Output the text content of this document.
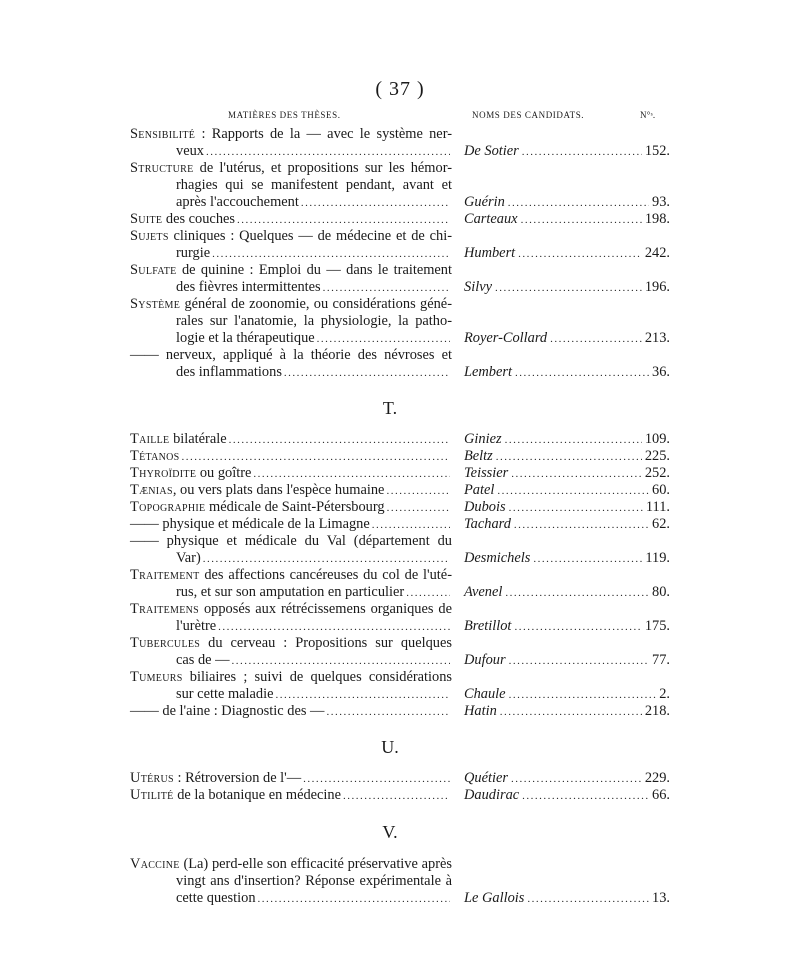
( 37 )
MATIÈRES DES THÈSES.	NOMS DES CANDIDATS.	N°ˢ.
Sensibilité : Rapports de la — avec le système ner-
veux .....	De Sotier .....	152.
Structure de l'utérus, et propositions sur les hémor-
rhagies qui se manifestent pendant, avant et
après l'accouchement .....	Guérin .....	93.
Suite des couches .....	Carteaux .....	198.
Sujets cliniques : Quelques — de médecine et de chi-
rurgie .....	Humbert .....	242.
Sulfate de quinine : Emploi du — dans le traitement
des fièvres intermittentes .....	Silvy .....	196.
Système général de zoonomie, ou considérations géné-
rales sur l'anatomie, la physiologie, la patho-
logie et la thérapeutique .....	Royer-Collard .....	213.
—— nerveux, appliqué à la théorie des névroses et
des inflammations .....	Lembert .....	36.
T.
Taille bilatérale .....	Giniez .....	109.
Tétanos .....	Beltz .....	225.
Thyroïdite ou goître .....	Teissier .....	252.
Tænias, ou vers plats dans l'espèce humaine .....	Patel .....	60.
Topographie médicale de Saint-Pétersbourg .....	Dubois .....	111.
—— physique et médicale de la Limagne .....	Tachard .....	62.
—— physique et médicale du Val (département du
Var) .....	Desmichels .....	119.
Traitement des affections cancéreuses du col de l'uté-
rus, et sur son amputation en particulier .....	Avenel .....	80.
Traitemens opposés aux rétrécissemens organiques de
l'urètre .....	Bretillot .....	175.
Tubercules du cerveau : Propositions sur quelques
cas de — .....	Dufour .....	77.
Tumeurs biliaires ; suivi de quelques considérations
sur cette maladie .....	Chaule .....	2.
—— de l'aine : Diagnostic des — .....	Hatin .....	218.
U.
Utérus : Rétroversion de l'— .....	Quétier .....	229.
Utilité de la botanique en médecine .....	Daudirac .....	66.
V.
Vaccine (La) perd-elle son efficacité préservative après
vingt ans d'insertion? Réponse expérimentale à
cette question .....	Le Gallois .....	13.
